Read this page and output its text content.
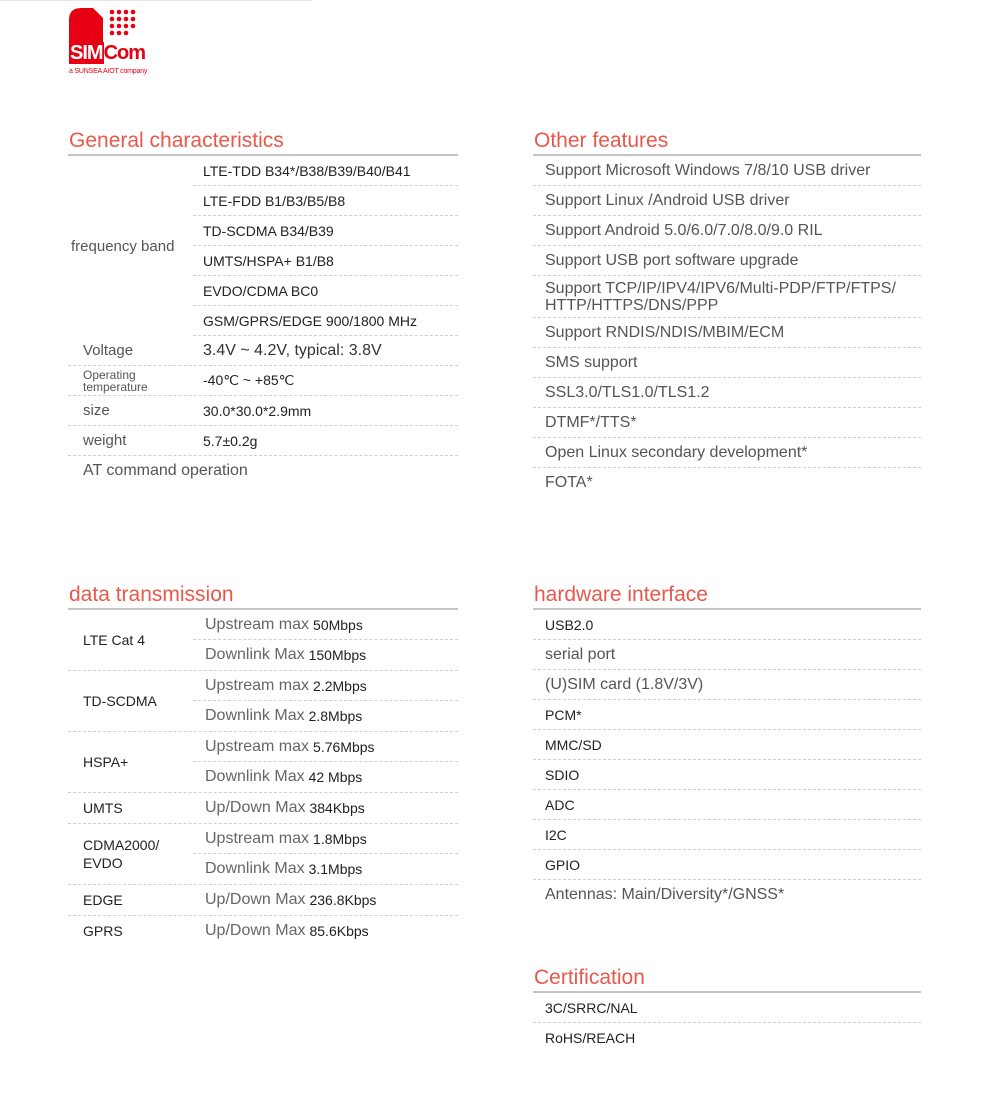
SIMCom
a SUNSEA AIOT company
General characteristics
frequency band
LTE-TDD B34*/B38/B39/B40/B41
LTE-FDD B1/B3/B5/B8
TD-SCDMA B34/B39
UMTS/HSPA+ B1/B8
EVDO/CDMA BC0
GSM/GPRS/EDGE 900/1800 MHz
Voltage	3.4V ~ 4.2V, typical: 3.8V
Operating
temperature	-40℃ ~ +85℃
size	30.0*30.0*2.9mm
weight	5.7±0.2g
AT command operation
Other features
Support Microsoft Windows 7/8/10 USB driver
Support Linux /Android USB driver
Support Android 5.0/6.0/7.0/8.0/9.0 RIL
Support USB port software upgrade
Support TCP/IP/IPV4/IPV6/Multi-PDP/FTP/FTPS/
HTTP/HTTPS/DNS/PPP
Support RNDIS/NDIS/MBIM/ECM
SMS support
SSL3.0/TLS1.0/TLS1.2
DTMF*/TTS*
Open Linux secondary development*
FOTA*
data transmission
LTE Cat 4
Upstream max 50Mbps
Downlink Max 150Mbps
TD-SCDMA
Upstream max 2.2Mbps
Downlink Max 2.8Mbps
HSPA+
Upstream max 5.76Mbps
Downlink Max 42 Mbps
UMTS	Up/Down Max 384Kbps
CDMA2000/
EVDO
Upstream max 1.8Mbps
Downlink Max 3.1Mbps
EDGE	Up/Down Max 236.8Kbps
GPRS	Up/Down Max 85.6Kbps
hardware interface
USB2.0
serial port
(U)SIM card (1.8V/3V)
PCM*
MMC/SD
SDIO
ADC
I2C
GPIO
Antennas: Main/Diversity*/GNSS*
Certification
3C/SRRC/NAL
RoHS/REACH
